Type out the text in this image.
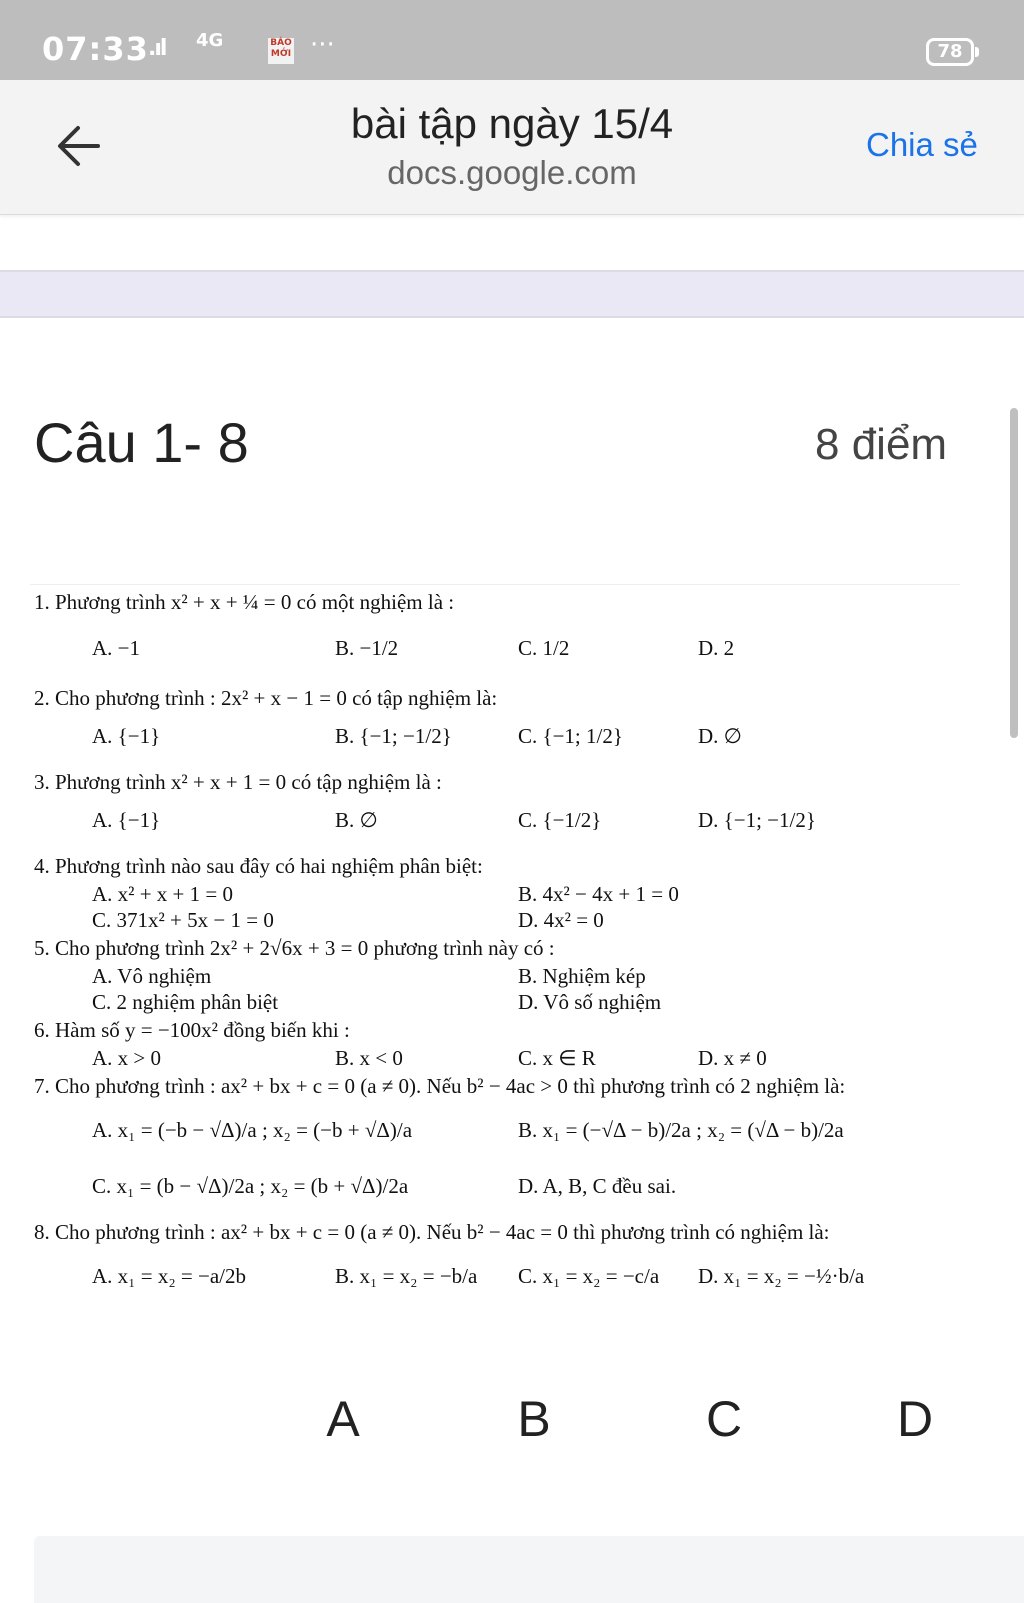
07:33 .ıl 4G	BÁO MỚI ···	78
bài tập ngày 15/4
docs.google.com
Chia sẻ
Câu 1- 8	8 điểm
1. Phương trình x² + x + ¼ = 0 có một nghiệm là :
A. −1	B. −1/2	C. 1/2	D. 2
2. Cho phương trình : 2x² + x − 1 = 0 có tập nghiệm là:
A. {−1}	B. {−1; −1/2}	C. {−1; 1/2}	D. ∅
3. Phương trình x² + x + 1 = 0 có tập nghiệm là :
A. {−1}	B. ∅	C. {−1/2}	D. {−1; −1/2}
4. Phương trình nào sau đây có hai nghiệm phân biệt:
A. x² + x + 1 = 0	B. 4x² − 4x + 1 = 0
C. 371x² + 5x − 1 = 0	D. 4x² = 0
5. Cho phương trình 2x² + 2√6x + 3 = 0 phương trình này có :
A. Vô nghiệm	B. Nghiệm kép
C. 2 nghiệm phân biệt	D. Vô số nghiệm
6. Hàm số y = −100x² đồng biến khi :
A. x > 0	B. x < 0	C. x ∈ R	D. x ≠ 0
7. Cho phương trình : ax² + bx + c = 0 (a ≠ 0). Nếu b² − 4ac > 0 thì phương trình có 2 nghiệm là:
A. x₁ = (−b − √Δ)/a ; x₂ = (−b + √Δ)/a	B. x₁ = (−√Δ − b)/2a ; x₂ = (√Δ − b)/2a
C. x₁ = (b − √Δ)/2a ; x₂ = (b + √Δ)/2a	D. A, B, C đều sai.
8. Cho phương trình : ax² + bx + c = 0 (a ≠ 0). Nếu b² − 4ac = 0 thì phương trình có nghiệm là:
A. x₁ = x₂ = −a/2b	B. x₁ = x₂ = −b/a C. x₁ = x₂ = −c/a D. x₁ = x₂ = −½·b/a
A	B	C	D
